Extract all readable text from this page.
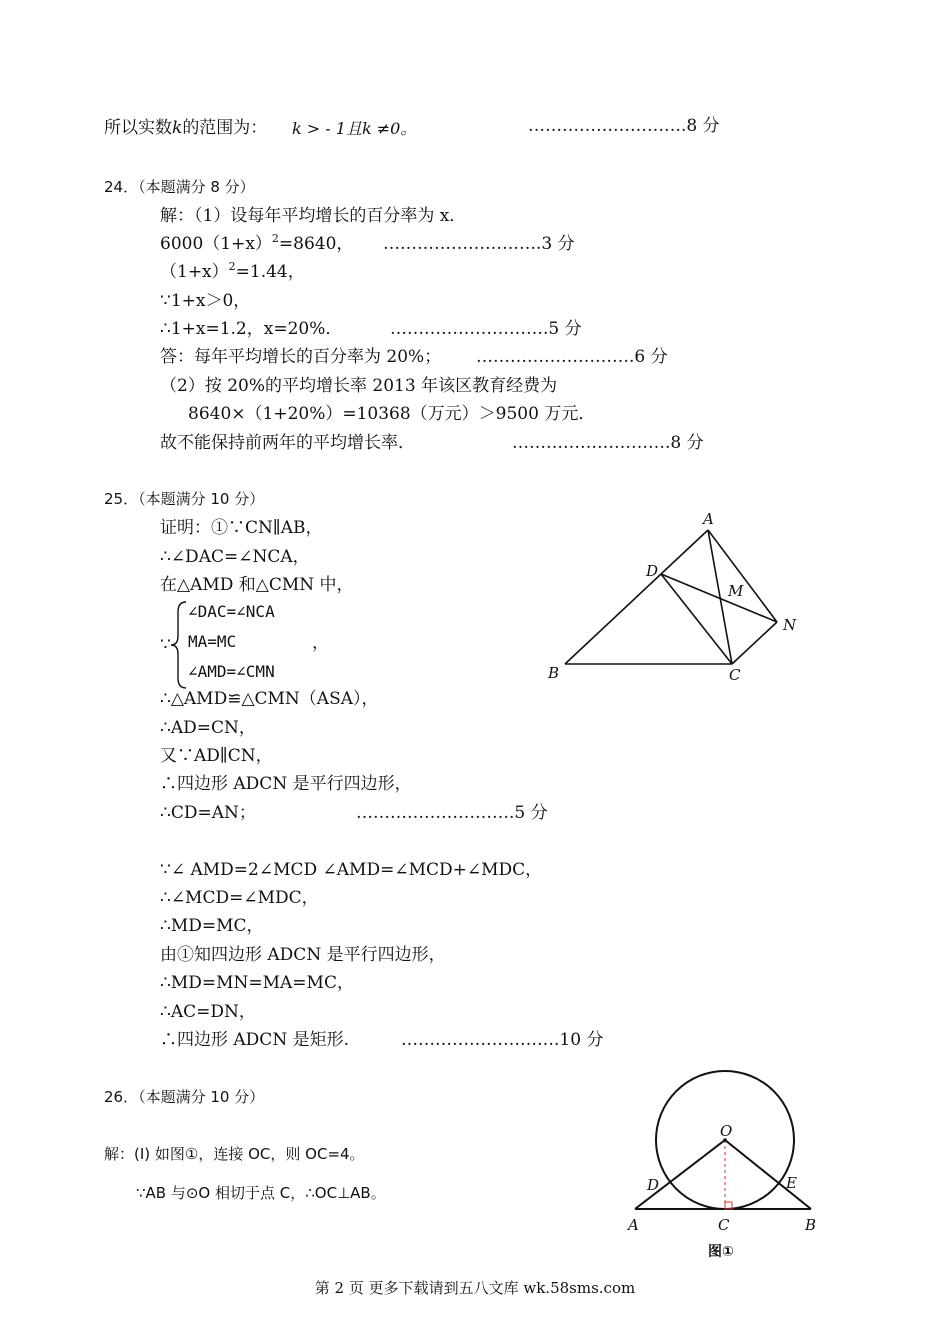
所以实数k的范围为： k > - 1且k ≠0。	……………………….8 分
24．（本题满分 8 分）
解：（1）设每年平均增长的百分率为 x．
$6000(1+x)^2=8640$， ……………………….3 分
$(1+x)^2=1.44$，
∵1+x＞0，
∴1+x=1.2，x=20%．	……………………….5 分
答：每年平均增长的百分率为 20%； ……………………….6 分
（2）按 20%的平均增长率 2013 年该区教育经费为
8640×（1+20%）=10368（万元）＞9500 万元．
故不能保持前两年的平均增长率．	……………………….8 分
25．（本题满分 10 分）
证明：①∵CN∥AB，
∴∠DAC=∠NCA，
在△AMD 和△CMN 中，
∵
∠DAC=∠NCA
MA=MC
∠AMD=∠CMN
，
∴△AMD≌△CMN（ASA），
∴AD=CN，
又∵AD∥CN，
∴四边形 ADCN 是平行四边形，
∴CD=AN；	……………………….5 分
∵∠ AMD=2∠MCD ∠AMD=∠MCD+∠MDC，
∴∠MCD=∠MDC，
∴MD=MC，
由①知四边形 ADCN 是平行四边形，
∴MD=MN=MA=MC，
∴AC=DN，
∴四边形 ADCN 是矩形.	……………………….10 分
A
D
M
N
B	C
26．（本题满分 10 分）
解：(I) 如图①，连接 OC，则 OC=4。
∵AB 与⊙O 相切于点 C，∴OC⊥AB。
O
D	E
A	C	B
图①
第 2 页 更多下载请到五八文库 wk.58sms.com
